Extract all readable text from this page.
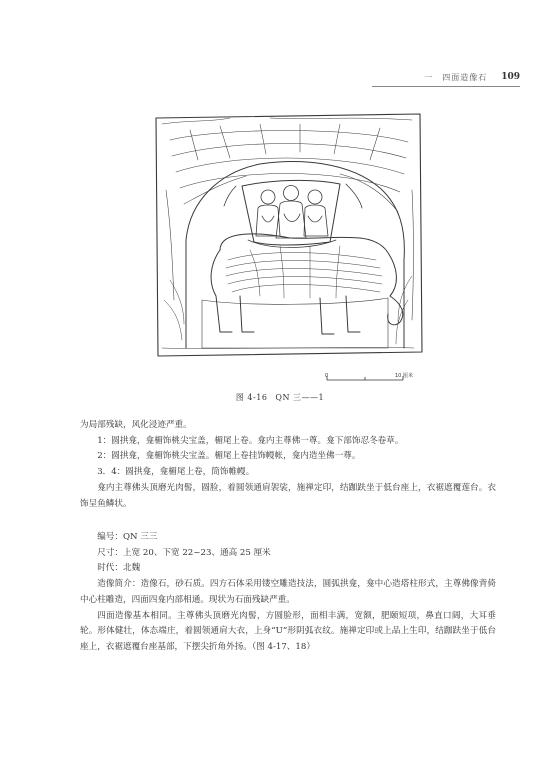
一　四面造像石 109
0	10 厘米
图 4-16 QN 三——1

为局部残缺，风化浸迹严重。

1：圆拱龛，龛楣饰桃尖宝盖，楣尾上卷。龛内主尊佛一尊。龛下部饰忍冬卷草。

2：圆拱龛，龛楣饰桃尖宝盖。楣尾上卷挂饰幔帐，龛内造坐佛一尊。

3．4：圆拱龛，龛楣尾上卷，筒饰帷幔。

龛内主尊佛头顶磨光肉髻，圆脸，着圆领通肩袈裟，施禅定印，结跏趺坐于低台座上，衣裾遮覆莲台。衣饰呈鱼鳞状。

编号：QN 三三

尺寸：上宽 20、下宽 22~23、通高 25 厘米

时代：北魏

造像简介：造像石，砂石质。四方石体采用镂空雕造技法，圆弧拱龛，龛中心造塔柱形式，主尊佛像背倚中心柱雕造，四面四龛内部相通。现状为石面残缺严重。

四面造像基本相同。主尊佛头顶磨光肉髻，方圆脸形，面相丰满，宽额，肥颐短项，鼻直口阔，大耳垂轮。形体健壮，体态端庄，着圆领通肩大衣，上身“U”形阴弧衣纹。施禅定印或上品上生印，结跏趺坐于低台座上，衣裾遮覆台座基部，下摆尖折角外扬。（图 4-17、18）
